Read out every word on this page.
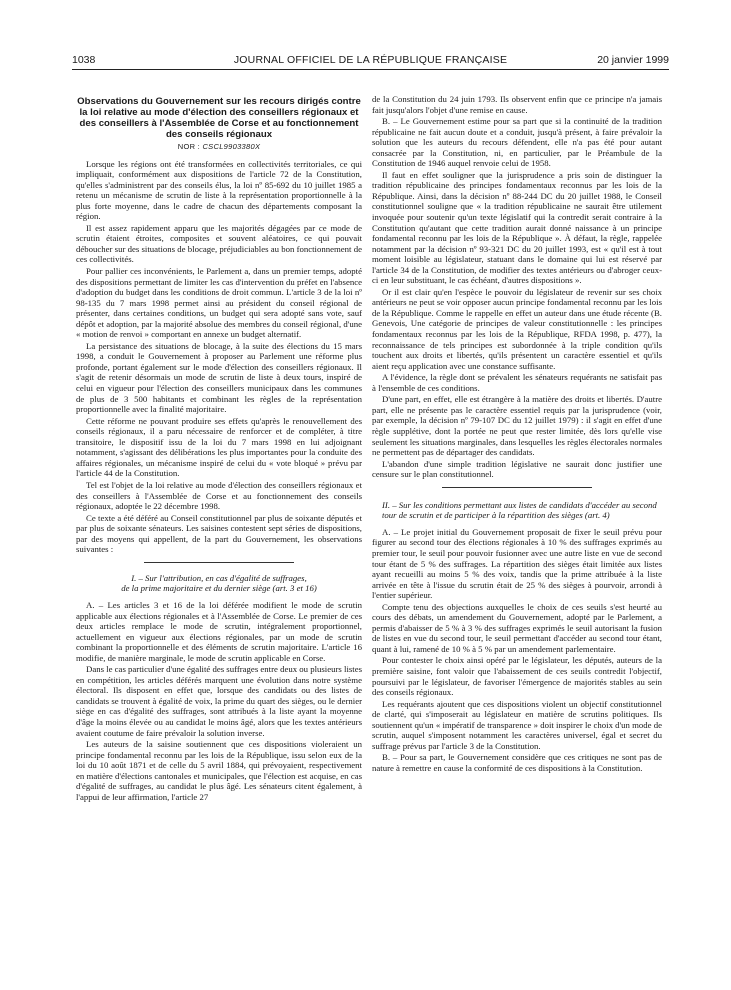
1038	JOURNAL OFFICIEL DE LA RÉPUBLIQUE FRANÇAISE	20 janvier 1999
Observations du Gouvernement sur les recours dirigés contre la loi relative au mode d'élection des conseillers régionaux et des conseillers à l'Assemblée de Corse et au fonctionnement des conseils régionaux
NOR : CSCL9903380X

Lorsque les régions ont été transformées en collectivités territoriales, ce qui impliquait, conformément aux dispositions de l'article 72 de la Constitution, qu'elles s'administrent par des conseils élus, la loi nº 85-692 du 10 juillet 1985 a retenu un mécanisme de scrutin de liste à la représentation proportionnelle à la plus forte moyenne, dans le cadre de chacun des départements composant la région.

Il est assez rapidement apparu que les majorités dégagées par ce mode de scrutin étaient étroites, composites et souvent aléatoires, ce qui pouvait déboucher sur des situations de blocage, préjudiciables au bon fonctionnement de ces collectivités.

Pour pallier ces inconvénients, le Parlement a, dans un premier temps, adopté des dispositions permettant de limiter les cas d'intervention du préfet en l'absence d'adoption du budget dans les conditions de droit commun. L'article 3 de la loi nº 98-135 du 7 mars 1998 permet ainsi au président du conseil régional de présenter, dans certaines conditions, un budget qui sera adopté sans vote, sauf dépôt et adoption, par la majorité absolue des membres du conseil régional, d'une « motion de renvoi » comportant en annexe un budget alternatif.

La persistance des situations de blocage, à la suite des élections du 15 mars 1998, a conduit le Gouvernement à proposer au Parlement une réforme plus profonde, portant également sur le mode d'élection des conseillers régionaux. Il s'agit de retenir désormais un mode de scrutin de liste à deux tours, inspiré de celui en vigueur pour l'élection des conseillers municipaux dans les communes de plus de 3 500 habitants et combinant les règles de la représentation proportionnelle avec la finalité majoritaire.

Cette réforme ne pouvant produire ses effets qu'après le renouvellement des conseils régionaux, il a paru nécessaire de renforcer et de compléter, à titre transitoire, le dispositif issu de la loi du 7 mars 1998 en lui adjoignant notamment, s'agissant des délibérations les plus importantes pour la conduite des affaires régionales, un mécanisme inspiré de celui du « vote bloqué » prévu par l'article 44 de la Constitution.

Tel est l'objet de la loi relative au mode d'élection des conseillers régionaux et des conseillers à l'Assemblée de Corse et au fonctionnement des conseils régionaux, adoptée le 22 décembre 1998.

Ce texte a été déféré au Conseil constitutionnel par plus de soixante députés et par plus de soixante sénateurs. Les saisines contestent sept séries de dispositions, par des moyens qui appellent, de la part du Gouvernement, les observations suivantes :

I. – Sur l'attribution, en cas d'égalité de suffrages,
de la prime majoritaire et du dernier siège (art. 3 et 16)

A. – Les articles 3 et 16 de la loi déférée modifient le mode de scrutin applicable aux élections régionales et à l'Assemblée de Corse. Le premier de ces deux articles remplace le mode de scrutin, intégralement proportionnel, actuellement en vigueur aux élections régionales, par un mode de scrutin combinant la proportionnelle et des éléments de scrutin majoritaire. L'article 16 modifie, de manière marginale, le mode de scrutin applicable en Corse.

Dans le cas particulier d'une égalité des suffrages entre deux ou plusieurs listes en compétition, les articles déférés marquent une évolution dans notre système électoral. Ils disposent en effet que, lorsque des candidats ou des listes de candidats se trouvent à égalité de voix, la prime du quart des sièges, ou le dernier siège en cas d'égalité des suffrages, sont attribués à la liste ayant la moyenne d'âge la moins élevée ou au candidat le moins âgé, alors que les textes antérieurs avaient coutume de faire prévaloir la solution inverse.

Les auteurs de la saisine soutiennent que ces dispositions violeraient un principe fondamental reconnu par les lois de la République, issu selon eux de la loi du 10 août 1871 et de celle du 5 avril 1884, qui prévoyaient, respectivement en matière d'élections cantonales et municipales, que l'élection est acquise, en cas d'égalité de suffrages, au candidat le plus âgé. Les sénateurs citent également, à l'appui de leur affirmation, l'article 27

de la Constitution du 24 juin 1793. Ils observent enfin que ce principe n'a jamais fait jusqu'alors l'objet d'une remise en cause.

B. – Le Gouvernement estime pour sa part que si la continuité de la tradition républicaine ne fait aucun doute et a conduit, jusqu'à présent, à faire prévaloir la solution que les auteurs du recours défendent, elle n'a pas été pour autant consacrée par la Constitution, ni, en particulier, par le Préambule de la Constitution de 1946 auquel renvoie celui de 1958.

Il faut en effet souligner que la jurisprudence a pris soin de distinguer la tradition républicaine des principes fondamentaux reconnus par les lois de la République. Ainsi, dans la décision nº 88-244 DC du 20 juillet 1988, le Conseil constitutionnel souligne que « la tradition républicaine ne saurait être utilement invoquée pour soutenir qu'un texte législatif qui la contredit serait contraire à la Constitution qu'autant que cette tradition aurait donné naissance à un principe fondamental reconnu par les lois de la République ». À défaut, la règle, rappelée notamment par la décision nº 93-321 DC du 20 juillet 1993, est « qu'il est à tout moment loisible au législateur, statuant dans le domaine qui lui est réservé par l'article 34 de la Constitution, de modifier des textes antérieurs ou d'abroger ceux-ci en leur substituant, le cas échéant, d'autres dispositions ».

Or il est clair qu'en l'espèce le pouvoir du législateur de revenir sur ses choix antérieurs ne peut se voir opposer aucun principe fondamental reconnu par les lois de la République. Comme le rappelle en effet un auteur dans une étude récente (B. Genevois, Une catégorie de principes de valeur constitutionnelle : les principes fondamentaux reconnus par les lois de la République, RFDA 1998, p. 477), la reconnaissance de tels principes est subordonnée à la triple condition qu'ils touchent aux droits et libertés, qu'ils présentent un caractère essentiel et qu'ils aient reçu application avec une constance suffisante.

A l'évidence, la règle dont se prévalent les sénateurs requérants ne satisfait pas à l'ensemble de ces conditions.

D'une part, en effet, elle est étrangère à la matière des droits et libertés. D'autre part, elle ne présente pas le caractère essentiel requis par la jurisprudence (voir, par exemple, la décision nº 79-107 DC du 12 juillet 1979) : il s'agit en effet d'une règle supplétive, dont la portée ne peut que rester limitée, dès lors qu'elle vise seulement les situations marginales, dans lesquelles les règles électorales normales ne permettent pas de départager des candidats.

L'abandon d'une simple tradition législative ne saurait donc justifier une censure sur le plan constitutionnel.

II. – Sur les conditions permettant aux listes de candidats d'accéder au second tour de scrutin et de participer à la répartition des sièges (art. 4)

A. – Le projet initial du Gouvernement proposait de fixer le seuil prévu pour figurer au second tour des élections régionales à 10 % des suffrages exprimés au premier tour, le seuil pour pouvoir fusionner avec une autre liste en vue de second tour étant de 5 % des suffrages. La répartition des sièges était limitée aux listes ayant recueilli au moins 5 % des voix, tandis que la prime attribuée à la liste arrivée en tête à l'issue du scrutin était de 25 % des sièges à pourvoir, arrondi à l'entier supérieur.

Compte tenu des objections auxquelles le choix de ces seuils s'est heurté au cours des débats, un amendement du Gouvernement, adopté par le Parlement, a permis d'abaisser de 5 % à 3 % des suffrages exprimés le seuil autorisant la fusion de listes en vue du second tour, le seuil permettant d'accéder au second tour étant, quant à lui, ramené de 10 % à 5 % par un amendement parlementaire.

Pour contester le choix ainsi opéré par le législateur, les députés, auteurs de la première saisine, font valoir que l'abaissement de ces seuils contredit l'objectif, poursuivi par le législateur, de favoriser l'émergence de majorités stables au sein des conseils régionaux.

Les requérants ajoutent que ces dispositions violent un objectif constitutionnel de clarté, qui s'imposerait au législateur en matière de scrutins politiques. Ils soutiennent qu'un « impératif de transparence » doit inspirer le choix d'un mode de scrutin, auquel s'imposent notamment les caractères universel, égal et secret du suffrage prévus par l'article 3 de la Constitution.

B. – Pour sa part, le Gouvernement considère que ces critiques ne sont pas de nature à remettre en cause la conformité de ces dispositions à la Constitution.
